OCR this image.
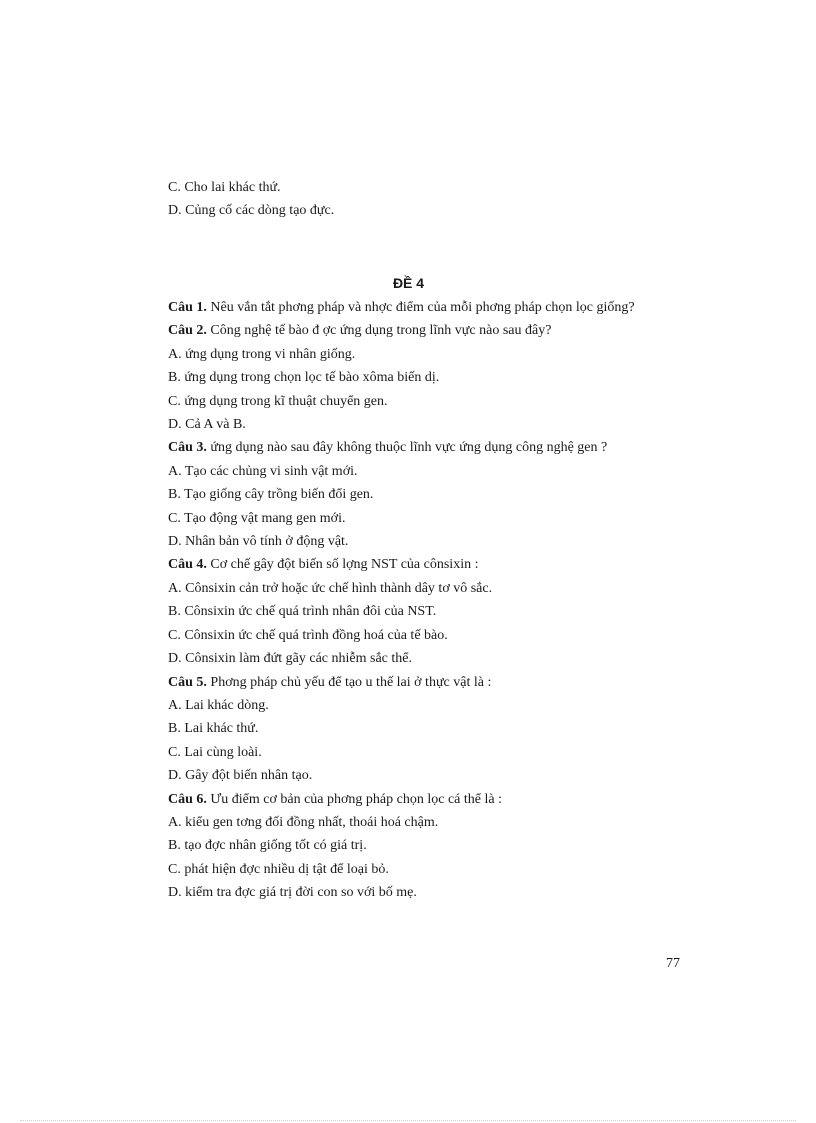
C. Cho lai khác thứ.

D. Củng cố các dòng tạo đực.

ĐỀ 4

Câu 1. Nêu vắn tắt phơng pháp và nhợc điểm của mỗi phơng pháp chọn lọc giống?

Câu 2. Công nghệ tế bào đ ợc ứng dụng trong lĩnh vực nào sau đây?

A. ứng dụng trong vi nhân giống.

B. ứng dụng trong chọn lọc tế bào xôma biến dị.

C. ứng dụng trong kĩ thuật chuyển gen.

D. Cả A và B.

Câu 3. ứng dụng nào sau đây không thuộc lĩnh vực ứng dụng công nghệ gen ?

A. Tạo các chủng vi sinh vật mới.

B. Tạo giống cây trồng biến đổi gen.

C. Tạo động vật mang gen mới.

D. Nhân bản vô tính ở động vật.

Câu 4. Cơ chế gây đột biến số lợng NST của cônsixin :

A. Cônsixin cản trở hoặc ức chế hình thành dây tơ vô sắc.

B. Cônsixin ức chế quá trình nhân đôi của NST.

C. Cônsixin ức chế quá trình đồng hoá của tế bào.

D. Cônsixin làm đứt gãy các nhiễm sắc thể.

Câu 5. Phơng pháp chủ yếu để tạo u thế lai ở thực vật là :

A. Lai khác dòng.

B. Lai khác thứ.

C. Lai cùng loài.

D. Gây đột biến nhân tạo.

Câu 6. Ưu điểm cơ bản của phơng pháp chọn lọc cá thể là :

A. kiểu gen tơng đối đồng nhất, thoái hoá chậm.

B. tạo đợc nhân giống tốt có giá trị.

C. phát hiện đợc nhiều dị tật để loại bỏ.

D. kiểm tra đợc giá trị đời con so với bố mẹ.

77
